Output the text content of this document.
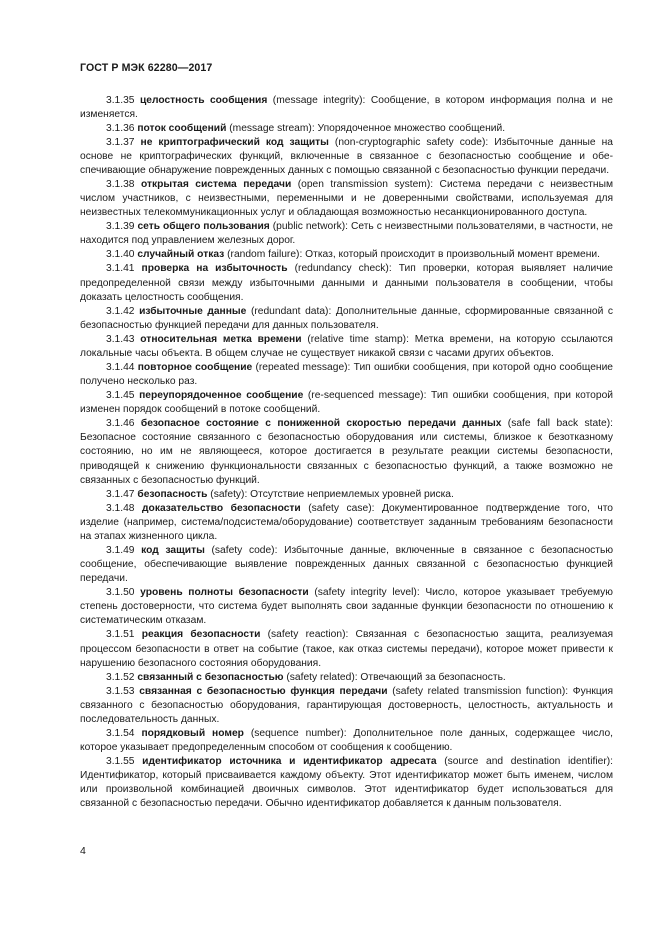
ГОСТ Р МЭК 62280—2017

3.1.35 целостность сообщения (message integrity): Сообщение, в котором информация полна и не изменяется.

3.1.36 поток сообщений (message stream): Упорядоченное множество сообщений.

3.1.37 не криптографический код защиты (non-cryptographic safety code): Избыточные данные на основе не криптографических функций, включенные в связанное с безопасностью сообщение и обеспечивающие обнаружение поврежденных данных с помощью связанной с безопасностью функции передачи.

3.1.38 открытая система передачи (open transmission system): Система передачи с неизвестным числом участников, с неизвестными, переменными и не доверенными свойствами, используемая для неизвестных телекоммуникационных услуг и обладающая возможностью несанкционированного доступа.

3.1.39 сеть общего пользования (public network): Сеть с неизвестными пользователями, в частности, не находится под управлением железных дорог.

3.1.40 случайный отказ (random failure): Отказ, который происходит в произвольный момент времени.

3.1.41 проверка на избыточность (redundancy check): Тип проверки, которая выявляет наличие предопределенной связи между избыточными данными и данными пользователя в сообщении, чтобы доказать целостность сообщения.

3.1.42 избыточные данные (redundant data): Дополнительные данные, сформированные связанной с безопасностью функцией передачи для данных пользователя.

3.1.43 относительная метка времени (relative time stamp): Метка времени, на которую ссылаются локальные часы объекта. В общем случае не существует никакой связи с часами других объектов.

3.1.44 повторное сообщение (repeated message): Тип ошибки сообщения, при которой одно сообщение получено несколько раз.

3.1.45 переупорядоченное сообщение (re-sequenced message): Тип ошибки сообщения, при которой изменен порядок сообщений в потоке сообщений.

3.1.46 безопасное состояние с пониженной скоростью передачи данных (safe fall back state): Безопасное состояние связанного с безопасностью оборудования или системы, близкое к безотказному состоянию, но им не являющееся, которое достигается в результате реакции системы безопасности, приводящей к снижению функциональности связанных с безопасностью функций, а также возможно не связанных с безопасностью функций.

3.1.47 безопасность (safety): Отсутствие неприемлемых уровней риска.

3.1.48 доказательство безопасности (safety case): Документированное подтверждение того, что изделие (например, система/подсистема/оборудование) соответствует заданным требованиям безопасности на этапах жизненного цикла.

3.1.49 код защиты (safety code): Избыточные данные, включенные в связанное с безопасностью сообщение, обеспечивающие выявление поврежденных данных связанной с безопасностью функцией передачи.

3.1.50 уровень полноты безопасности (safety integrity level): Число, которое указывает требуемую степень достоверности, что система будет выполнять свои заданные функции безопасности по отношению к систематическим отказам.

3.1.51 реакция безопасности (safety reaction): Связанная с безопасностью защита, реализуемая процессом безопасности в ответ на событие (такое, как отказ системы передачи), которое может привести к нарушению безопасного состояния оборудования.

3.1.52 связанный с безопасностью (safety related): Отвечающий за безопасность.

3.1.53 связанная с безопасностью функция передачи (safety related transmission function): Функция связанного с безопасностью оборудования, гарантирующая достоверность, целостность, актуальность и последовательность данных.

3.1.54 порядковый номер (sequence number): Дополнительное поле данных, содержащее число, которое указывает предопределенным способом от сообщения к сообщению.

3.1.55 идентификатор источника и идентификатор адресата (source and destination identifier): Идентификатор, который присваивается каждому объекту. Этот идентификатор может быть именем, числом или произвольной комбинацией двоичных символов. Этот идентификатор будет использоваться для связанной с безопасностью передачи. Обычно идентификатор добавляется к данным пользователя.

4
